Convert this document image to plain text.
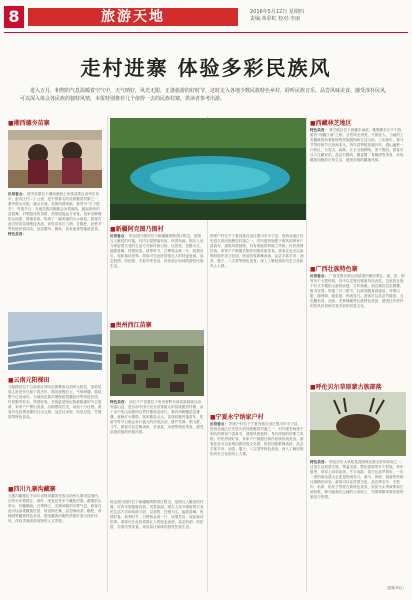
8	旅游天地	2016年5月12日 星期四
责编:黄彩虹 校对:李丽
走村进寨 体验多彩民族风
进入五月，和煦的气息温暖着空气中，天气晴好，风光无限，正逢旅游的好时节，这时走入各地少数民族特色乡村，聆听民族音乐、品尝风味美食、感受淳朴民风，可以深入体会各民族的独特风情，本报特别推荐几个值得一去的民族村寨，供读者参考出游。
■ 湘西德夯苗寨
民俗看点： 德夯苗寨位于湖南湘西土家族苗族自治州吉首市，距市区约二十公里，是中国著名的苗族聚居村寨之一，寨中群山环抱，溪水长流，苗族风情浓郁，被誉为“天下鼓乡”。每逢节日，当地苗族同胞都会身着盛装，跳起欢快的苗鼓舞，对唱悠扬的苗歌，热情迎接远方来客。苗家吊脚楼依山而建，错落有致，构成了一幅美丽的山水画卷。游客在此可欣赏苗族绝技表演，体验苗家拦门酒、打糍粑、赶秋节等传统民俗活动，品尝腊肉、酸鱼、苗家油茶等地道美食。
特色美食：
■ 云南元阳梯田
元阳梯田位于云南省红河哈尼族彝族自治州元阳县，是哈尼族人世世代代留下的杰作，梯田规模宏大，气势磅礴，绵延整个红河南岸。当地哈尼族村寨保留着蘑菇房等传统民居，村民勤劳朴实，热情好客。长街宴是哈尼族最隆重的节日宴席，家家户户摆出美食，沿街摆成长龙，场面十分壮观。游客可在此观赏梯田日出云海，品尝红米饭、哈尼豆豉、竹筒饭等特色食品。
■ 四川九寨沟藏寨
九寨沟藏寨位于四川省阿坝藏族羌族自治州九寨沟县境内，沟内分布着树正、荷叶、则查洼等多个藏族村寨。藏寨依山傍水，经幡飘扬，白塔林立，充满神秘的宗教气息。游客在此可以参观藏族民居，欣赏锅庄舞，品尝酥油茶、糌粑、青稞酒等藏族特色美食，感受藏族同胞的热情好客与纯朴民风，体验雪域高原独特的人文景观。
■ 新疆阿克图乃图村
民俗看点： 阿克图乃图村位于新疆喀纳斯景区附近，是图瓦人聚居的村落，村内木屋错落有致，风景如画。图瓦人至今保留着古老的生活方式和传统习俗，以放牧、狩猎为生，能歌善舞，热情好客。秋季时节，白桦林金黄一片，炊烟袅袅，宛如童话世界。游客可在此欣赏图瓦人的呼麦表演，品尝奶酒、奶疙瘩、手抓肉等美食，体验原汁原味的游牧民族生活。
纳家户村位于宁夏回族自治区银川市永宁县，是西北地区历史悠久的回族聚居村落之一，村内建有始建于明代的纳家户清真寺，建筑风格独特，具有浓郁的伊斯兰风格。村民热情好客，家家户户都擅长制作回族传统美食。游客在此可以参观回族民俗文化园，欣赏回族歌舞表演，品尝手抓羊肉、油香、馓子、八宝茶等特色美食，深入了解回族的历史文化和风土人情。
■ 贵州西江苗寨
特色美食： 西江千户苗寨位于贵州省黔东南苗族侗族自治州雷山县，是目前中国乃至全世界最大的苗族聚居村寨，由十余个依山而建的自然村寨相连成片。寨内吊脚楼层层叠叠，夜晚灯火璀璨，犹如繁星点点。苗族同胞每逢苗年、吃新节等节日都会举行盛大的庆祝活动，跳芦笙舞、唱飞歌、斗牛。游客可品尝酸汤鱼、长桌宴、米酒等特色美食，感受苗族浓郁的民族风情。
■ 宁夏永宁纳家户村
民俗看点： 纳家户村位于宁夏回族自治区银川市永宁县，是西北地区历史悠久的回族聚居村落之一，村内建有始建于明代的纳家户清真寺，建筑风格独特，具有浓郁的伊斯兰风格。村民热情好客，家家户户都擅长制作回族传统美食。游客在此可以参观回族民俗文化园，欣赏回族歌舞表演，品尝手抓羊肉、油香、馓子、八宝茶等特色美食，深入了解回族的历史文化和风土人情。
阿克图乃图村位于新疆喀纳斯景区附近，是图瓦人聚居的村落，村内木屋错落有致，风景如画。图瓦人至今保留着古老的生活方式和传统习俗，以放牧、狩猎为生，能歌善舞，热情好客。秋季时节，白桦林金黄一片，炊烟袅袅，宛如童话世界。游客可在此欣赏图瓦人的呼麦表演，品尝奶酒、奶疙瘩、手抓肉等美食，体验原汁原味的游牧民族生活。
■ 西藏林芝地区
特色美食： 林芝地区位于西藏东南部，雅鲁藏布江中下游，素有“西藏江南”之称，自然风光秀美，气候宜人。当地的工布藏族保持着独特的民族服饰和生活习俗，工布新年、赛马节等传统节日热闹非凡。每年春季桃花盛开时，漫山遍野一片粉红，与雪山、森林、江水交相辉映，美不胜收。游客可以入住藏家乐，品尝石锅鸡、藏香猪、青稞酒等美食，体验藏族同胞的日常生活，感受浓郁的藏地风情。
■ 广西壮族特色寨
民俗看点： 广西龙胜各族自治县境内聚居着壮、瑶、苗、侗等多个少数民族，其中以龙脊壮寨最具代表性。这里的壮族干栏式木楼依山就势而建，古朴典雅，周边梯田层层叠叠，蔚为壮观。每逢三月三歌节，壮族同胞身着盛装，对唱山歌，抛绣球，碰彩蛋，热闹非凡。游客可以品尝竹筒饭、五色糯米饭、油茶、龙脊辣椒等壮族特色美食，感受壮乡淳朴的民风民俗和丰富多彩的民族文化。
■ 呼伦贝尔草原蒙古族部落
特色美食： 呼伦贝尔大草原是我国保存最完好的草原之一，这里生活着蒙古族、鄂温克族、鄂伦春族等多个民族。每年夏季，草原上绿草如茵，牛羊成群，蒙古包星罗棋布，一年一度的那达慕大会更是热闹非凡，赛马、摔跤、射箭等传统比赛精彩纷呈。游客可以住进蒙古包，品尝烤全羊、手把肉、奶茶、奶皮子等蒙古族特色美食，欣赏马头琴演奏和长调民歌，骑马驰骋在辽阔的大草原上，尽情领略草原民族的豪迈与热情。
（据新华社）
